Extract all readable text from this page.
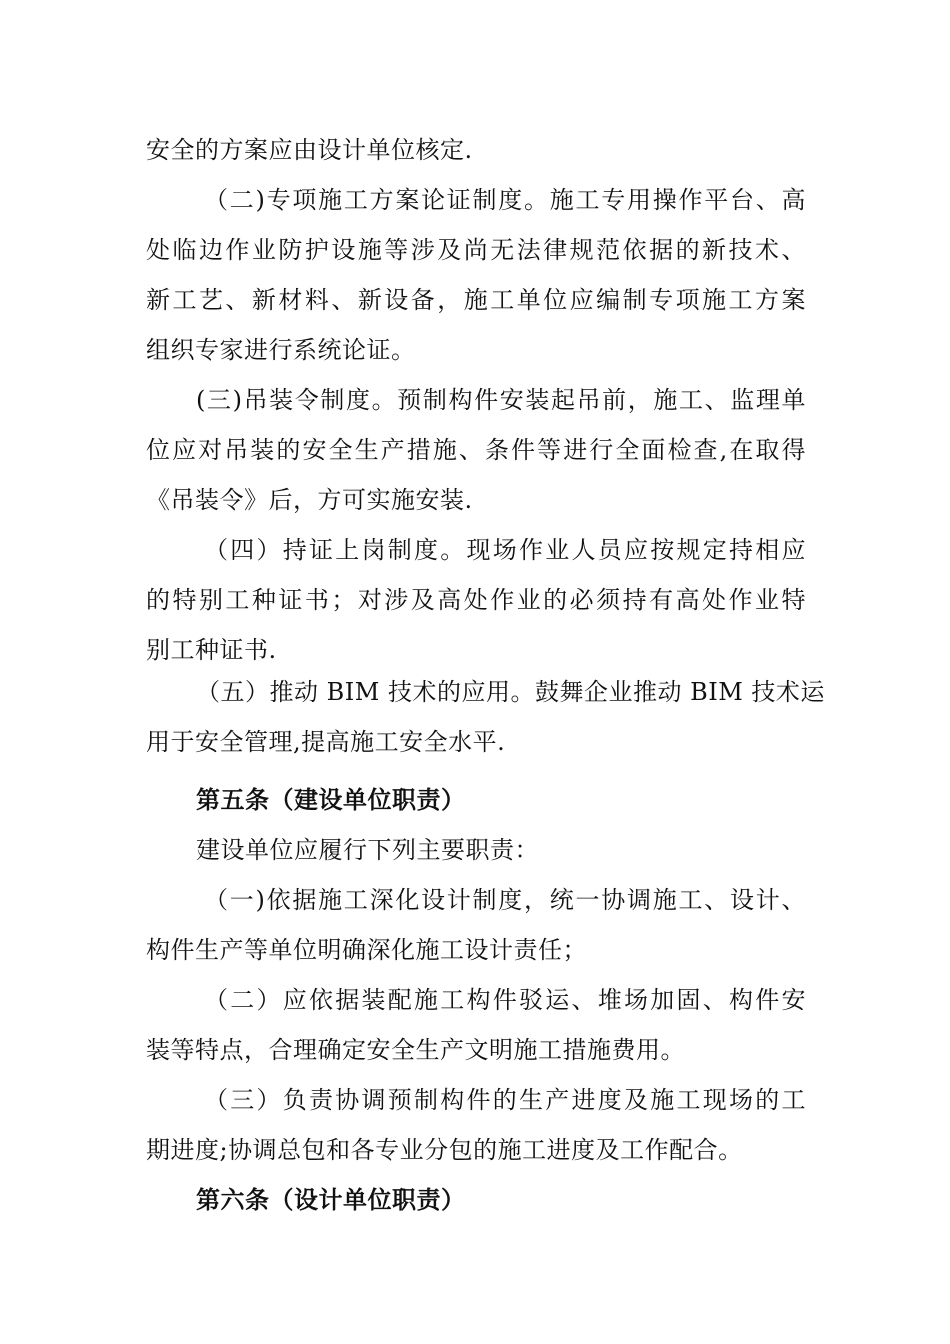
安全的方案应由设计单位核定.
（二)专项施工方案论证制度。施工专用操作平台、高
处临边作业防护设施等涉及尚无法律规范依据的新技术、
新工艺、新材料、新设备，施工单位应编制专项施工方案
组织专家进行系统论证。
(三)吊装令制度。预制构件安装起吊前，施工、监理单
位应对吊装的安全生产措施、条件等进行全面检查,在取得
《吊装令》后，方可实施安装.
（四）持证上岗制度。现场作业人员应按规定持相应
的特别工种证书；对涉及高处作业的必须持有高处作业特
别工种证书.
（五）推动 BIM 技术的应用。鼓舞企业推动 BIM 技术运
用于安全管理,提高施工安全水平.
第五条（建设单位职责）
建设单位应履行下列主要职责：
（一)依据施工深化设计制度，统一协调施工、设计、
构件生产等单位明确深化施工设计责任；
（二）应依据装配施工构件驳运、堆场加固、构件安
装等特点，合理确定安全生产文明施工措施费用。
（三）负责协调预制构件的生产进度及施工现场的工
期进度;协调总包和各专业分包的施工进度及工作配合。
第六条（设计单位职责）
